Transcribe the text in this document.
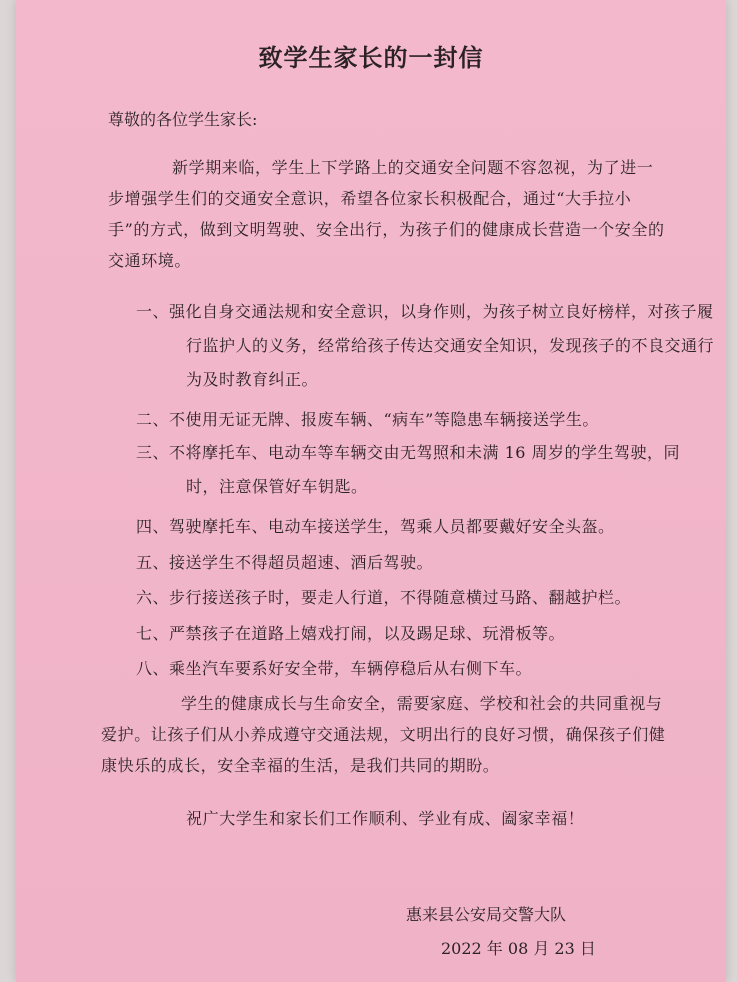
致学生家长的一封信
尊敬的各位学生家长:
新学期来临，学生上下学路上的交通安全问题不容忽视，为了进一步增强学生们的交通安全意识，希望各位家长积极配合，通过“大手拉小手”的方式，做到文明驾驶、安全出行，为孩子们的健康成长营造一个安全的交通环境。
一、强化自身交通法规和安全意识，以身作则，为孩子树立良好榜样，对孩子履行监护人的义务，经常给孩子传达交通安全知识，发现孩子的不良交通行为及时教育纠正。
二、不使用无证无牌、报废车辆、“病车”等隐患车辆接送学生。
三、不将摩托车、电动车等车辆交由无驾照和未满 16 周岁的学生驾驶，同时，注意保管好车钥匙。
四、驾驶摩托车、电动车接送学生，驾乘人员都要戴好安全头盔。
五、接送学生不得超员超速、酒后驾驶。
六、步行接送孩子时，要走人行道，不得随意横过马路、翻越护栏。
七、严禁孩子在道路上嬉戏打闹，以及踢足球、玩滑板等。
八、乘坐汽车要系好安全带，车辆停稳后从右侧下车。
学生的健康成长与生命安全，需要家庭、学校和社会的共同重视与爱护。让孩子们从小养成遵守交通法规，文明出行的良好习惯，确保孩子们健康快乐的成长，安全幸福的生活，是我们共同的期盼。
祝广大学生和家长们工作顺利、学业有成、阖家幸福！
惠来县公安局交警大队
2022 年 08 月 23 日
